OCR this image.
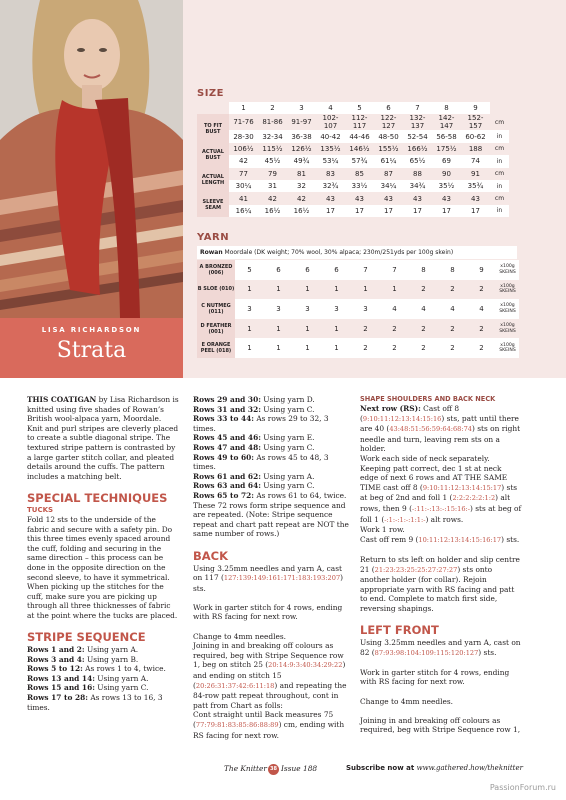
LISA RICHARDSON
Strata
SIZE
	1	2	3	4	5	6	7	8	9	
TO FIT BUST	71-76	81-86	91-97	102-107	112-117	122-127	132-137	142-147	152-157	cm
	28-30	32-34	36-38	40-42	44-46	48-50	52-54	56-58	60-62	in
ACTUAL BUST	106½	115½	126½	135½	146½	155½	166½	175½	188	cm
	42	45½	49¾	53¼	57¾	61¼	65½	69	74	in
ACTUAL LENGTH	77	79	81	83	85	87	88	90	91	cm
	30¼	31	32	32¾	33½	34¼	34¾	35½	35¾	in
SLEEVE SEAM	41	42	42	43	43	43	43	43	43	cm
	16¼	16½	16½	17	17	17	17	17	17	in
YARN
Rowan Moordale (DK weight; 70% wool, 30% alpaca; 230m/251yds per 100g skein)
A BRONZED (006)	5	6	6	6	7	7	8	8	9	x100g SKEINS
B SLOE (010)	1	1	1	1	1	1	2	2	2	x100g SKEINS
C NUTMEG (011)	3	3	3	3	3	4	4	4	4	x100g SKEINS
D FEATHER (001)	1	1	1	1	2	2	2	2	2	x100g SKEINS
E ORANGE PEEL (018)	1	1	1	1	2	2	2	2	2	x100g SKEINS

THIS COATIGAN by Lisa Richardson is knitted using five shades of Rowan’s British wool-alpaca yarn, Moordale. Knit and purl stripes are cleverly placed to create a subtle diagonal stripe. The textured stripe pattern is contrasted by a large garter stitch collar, and pleated details around the cuffs. The pattern includes a matching belt.

SPECIAL TECHNIQUES
TUCKS
Fold 12 sts to the underside of the fabric and secure with a safety pin. Do this three times evenly spaced around the cuff, folding and securing in the same direction – this process can be done in the opposite direction on the second sleeve, to have it symmetrical.

When picking up the stitches for the cuff, make sure you are picking up through all three thicknesses of fabric at the point where the tucks are placed.

STRIPE SEQUENCE
Rows 1 and 2: Using yarn A.
Rows 3 and 4: Using yarn B.
Rows 5 to 12: As rows 1 to 4, twice.
Rows 13 and 14: Using yarn A.
Rows 15 and 16: Using yarn C.
Rows 17 to 28: As rows 13 to 16, 3 times.
Rows 29 and 30: Using yarn D.
Rows 31 and 32: Using yarn C.
Rows 33 to 44: As rows 29 to 32, 3 times.
Rows 45 and 46: Using yarn E.
Rows 47 and 48: Using yarn C.
Rows 49 to 60: As rows 45 to 48, 3 times.
Rows 61 and 62: Using yarn A.
Rows 63 and 64: Using yarn C.
Rows 65 to 72: As rows 61 to 64, twice.

These 72 rows form stripe sequence and are repeated. (Note: Stripe sequence repeat and chart patt repeat are NOT the same number of rows.)

BACK

Using 3.25mm needles and yarn A, cast on 117 (127:139:149:161:171:183:193:207) sts.

Work in garter stitch for 4 rows, ending with RS facing for next row.

Change to 4mm needles.
Joining in and breaking off colours as required, beg with Stripe Sequence row 1, beg on stitch 25 (20:14:9:3:40:34:29:22) and ending on stitch 15 (20:26:31:37:42:6:11:18) and repeating the 84-row patt repeat throughout, cont in patt from Chart as folls:
Cont straight until Back measures 75 (77:79:81:83:85:86:88:89) cm, ending with RS facing for next row.
SHAPE SHOULDERS AND BACK NECK
Next row (RS): Cast off 8 (9:10:11:12:13:14:15:16) sts, patt until there are 40 (43:48:51:56:59:64:68:74) sts on right needle and turn, leaving rem sts on a holder.
Work each side of neck separately.
Keeping patt correct, dec 1 st at neck edge of next 6 rows and AT THE SAME TIME cast off 8 (9:10:11:12:13:14:15:17) sts at beg of 2nd and foll 1 (2:2:2:2:2:1:2) alt rows, then 9 (-:11:-:13:-:15:16:-) sts at beg of foll 1 (-:1:-:1:-:1:1:-) alt rows.
Work 1 row.

Cast off rem 9 (10:11:12:13:14:15:16:17) sts.

Return to sts left on holder and slip centre 21 (21:23:23:25:25:27:27:27) sts onto another holder (for collar). Rejoin appropriate yarn with RS facing and patt to end. Complete to match first side, reversing shapings.

LEFT FRONT

Using 3.25mm needles and yarn A, cast on 82 (87:93:98:104:109:115:120:127) sts.

Work in garter stitch for 4 rows, ending with RS facing for next row.

Change to 4mm needles.

Joining in and breaking off colours as required, beg with Stripe Sequence row 1,
The Knitter 38 Issue 188	Subscribe now at www.gathered.how/theknitter
PassionForum.ru
